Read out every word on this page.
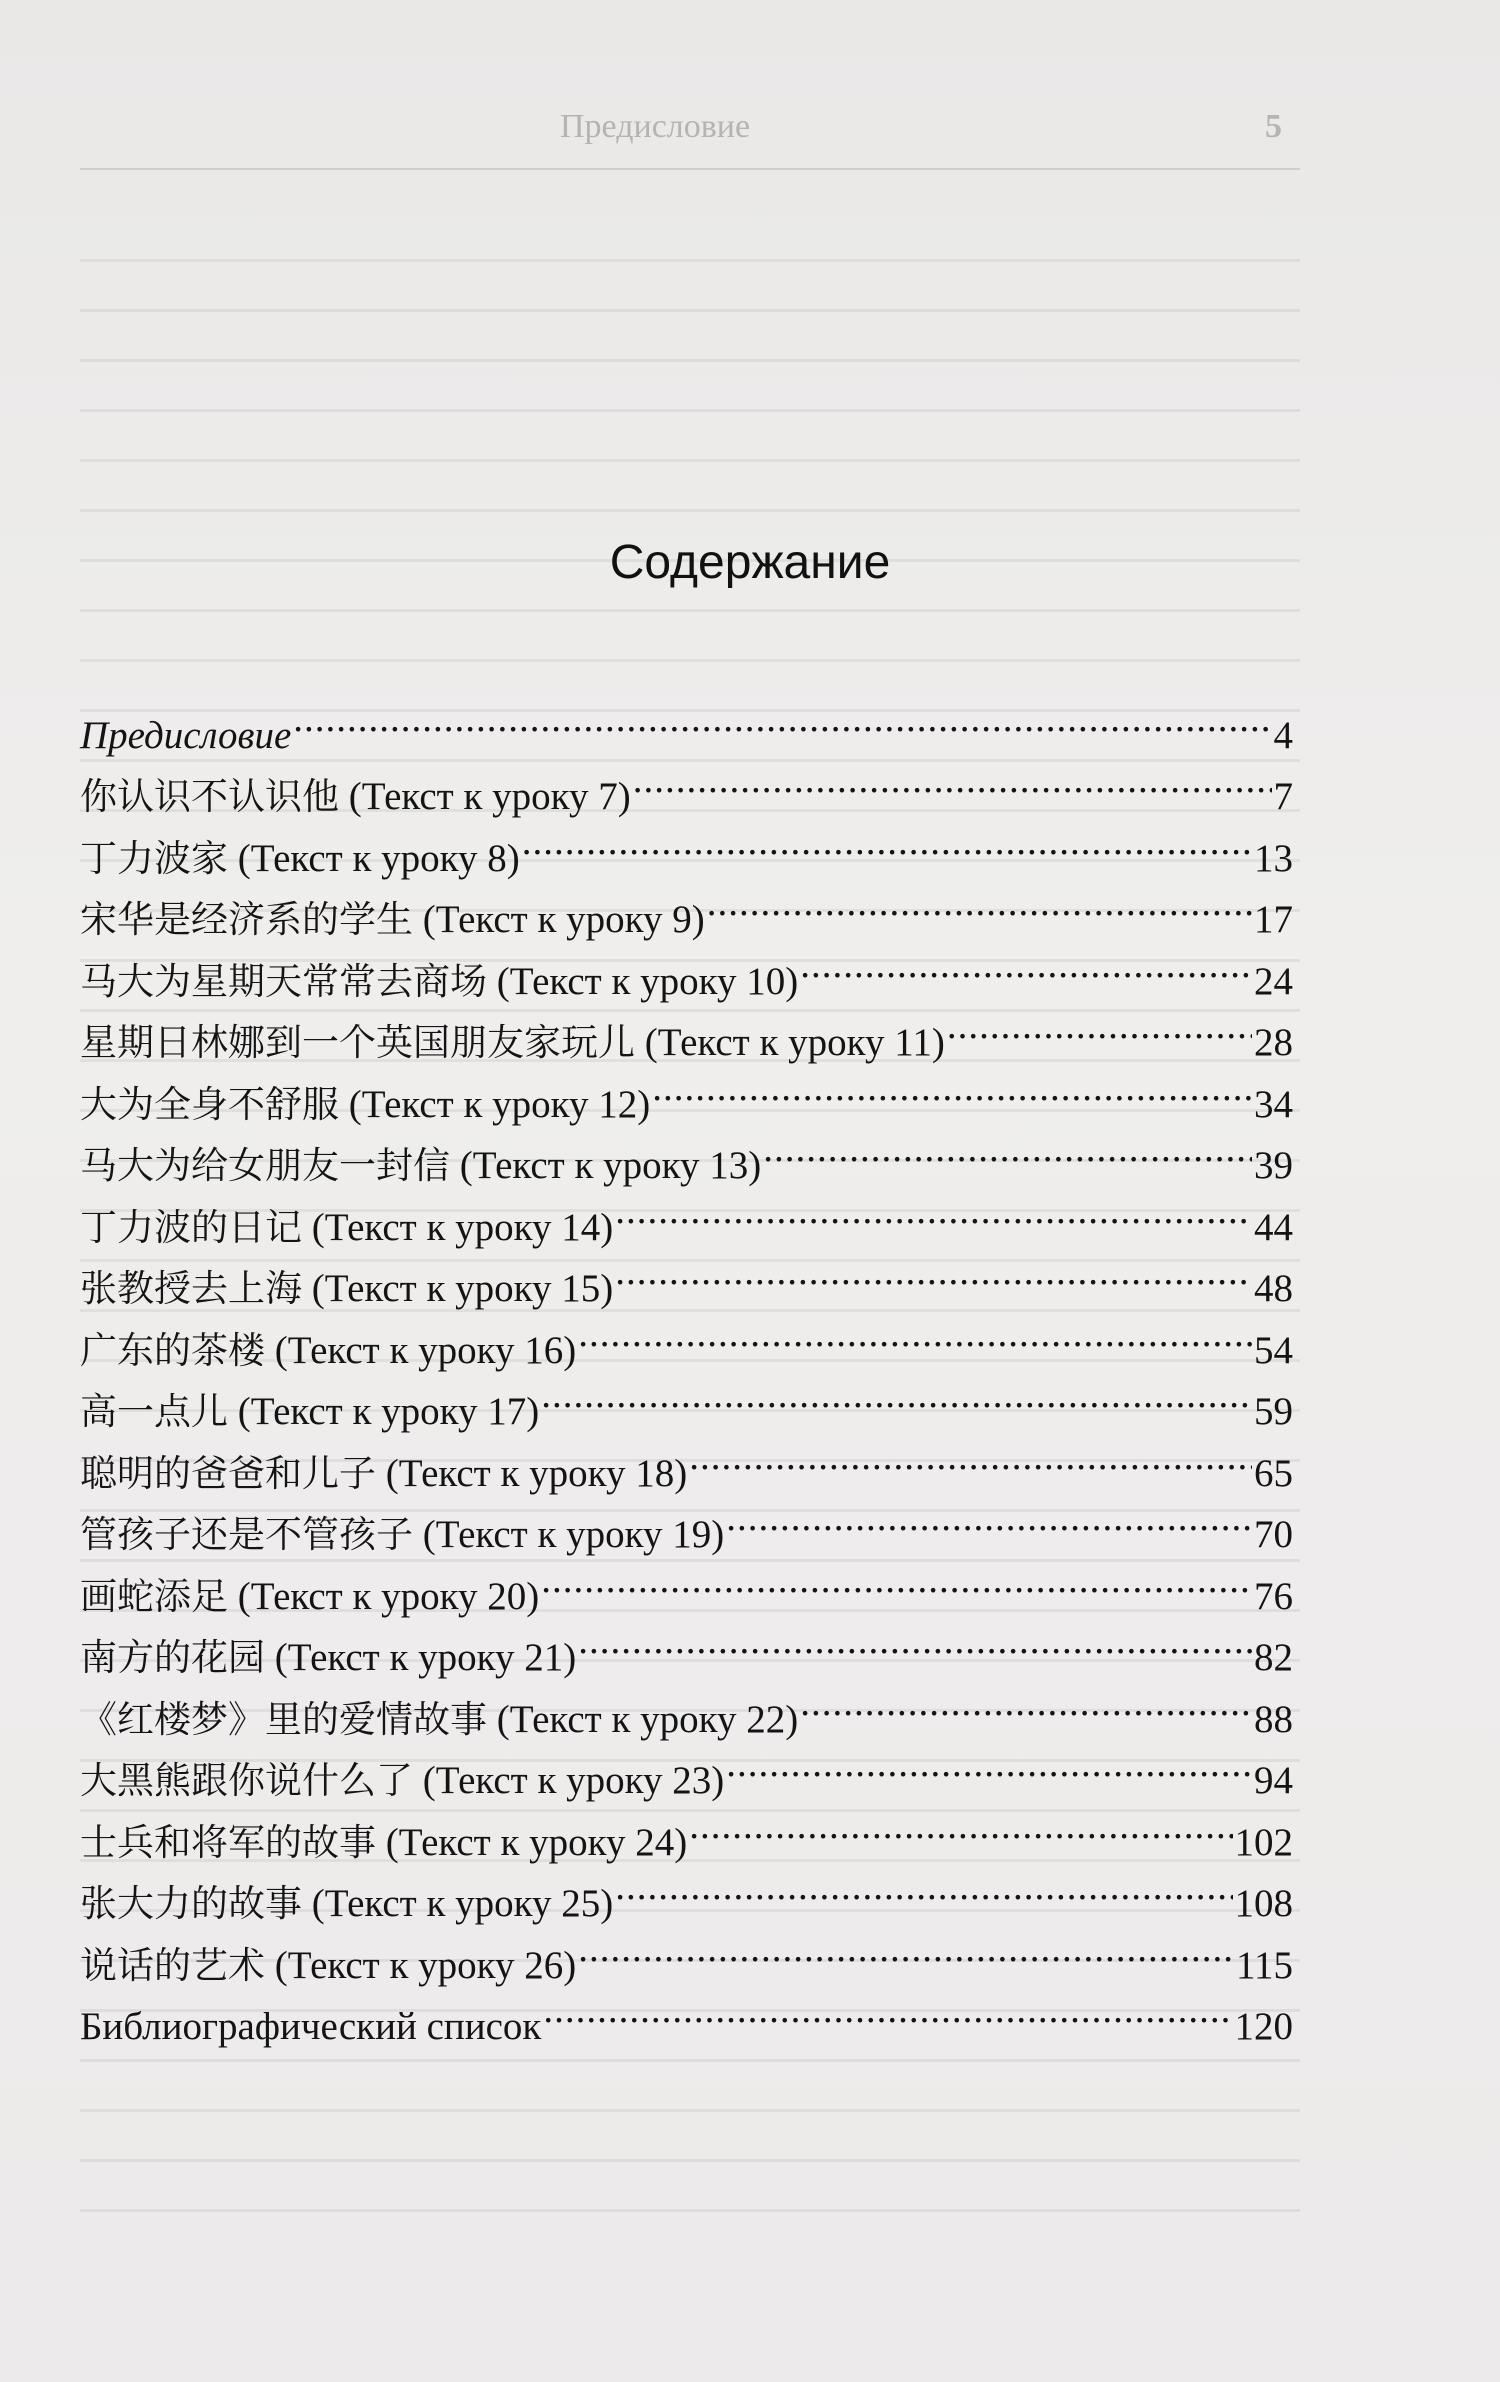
Предисловие	5
Содержание
Предисловие .....	4
你认识不认识他 (Текст к уроку 7) .....	7
丁力波家 (Текст к уроку 8) .....	13
宋华是经济系的学生 (Текст к уроку 9) .....	17
马大为星期天常常去商场 (Текст к уроку 10) .....	24
星期日林娜到一个英国朋友家玩儿 (Текст к уроку 11) .....	28
大为全身不舒服 (Текст к уроку 12) .....	34
马大为给女朋友一封信 (Текст к уроку 13) .....	39
丁力波的日记 (Текст к уроку 14) .....	44
张教授去上海 (Текст к уроку 15) .....	48
广东的茶楼 (Текст к уроку 16) .....	54
高一点儿 (Текст к уроку 17) .....	59
聪明的爸爸和儿子 (Текст к уроку 18) .....	65
管孩子还是不管孩子 (Текст к уроку 19) .....	70
画蛇添足 (Текст к уроку 20) .....	76
南方的花园 (Текст к уроку 21) .....	82
《红楼梦》里的爱情故事 (Текст к уроку 22) .....	88
大黑熊跟你说什么了 (Текст к уроку 23) .....	94
士兵和将军的故事 (Текст к уроку 24) .....	102
张大力的故事 (Текст к уроку 25) .....	108
说话的艺术 (Текст к уроку 26) .....	115
Библиографический список .....	120
